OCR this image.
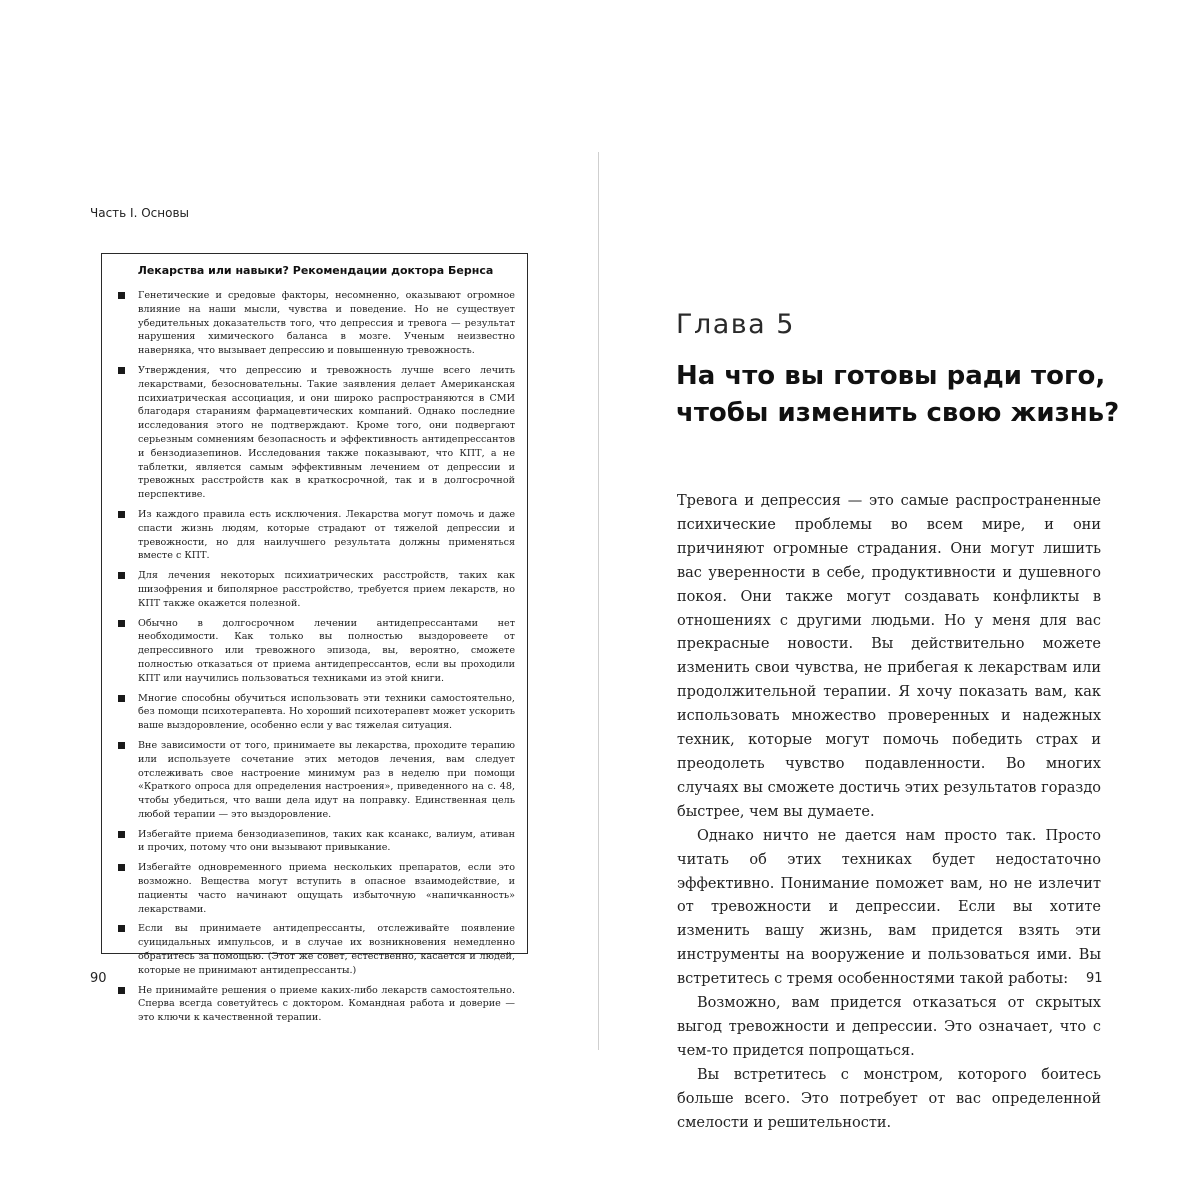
Часть I. Основы
Лекарства или навыки? Рекомендации доктора Бернса
Генетические и средовые факторы, несомненно, оказывают огромное влияние на наши мысли, чувства и поведение. Но не существует убедительных доказательств того, что депрессия и тревога — результат нарушения химического баланса в мозге. Ученым неизвестно наверняка, что вызывает депрессию и повышенную тревожность.
Утверждения, что депрессию и тревожность лучше всего лечить лекарствами, безосновательны. Такие заявления делает Американская психиатрическая ассоциация, и они широко распространяются в СМИ благодаря стараниям фармацевтических компаний. Однако последние исследования этого не подтверждают. Кроме того, они подвергают серьезным сомнениям безопасность и эффективность антидепрессантов и бензодиазепинов. Исследования также показывают, что КПТ, а не таблетки, является самым эффективным лечением от депрессии и тревожных расстройств как в краткосрочной, так и в долгосрочной перспективе.
Из каждого правила есть исключения. Лекарства могут помочь и даже спасти жизнь людям, которые страдают от тяжелой депрессии и тревожности, но для наилучшего результата должны применяться вместе с КПТ.
Для лечения некоторых психиатрических расстройств, таких как шизофрения и биполярное расстройство, требуется прием лекарств, но КПТ также окажется полезной.
Обычно в долгосрочном лечении антидепрессантами нет необходимости. Как только вы полностью выздоровеете от депрессивного или тревожного эпизода, вы, вероятно, сможете полностью отказаться от приема антидепрессантов, если вы проходили КПТ или научились пользоваться техниками из этой книги.
Многие способны обучиться использовать эти техники самостоятельно, без помощи психотерапевта. Но хороший психотерапевт может ускорить ваше выздоровление, особенно если у вас тяжелая ситуация.
Вне зависимости от того, принимаете вы лекарства, проходите терапию или используете сочетание этих методов лечения, вам следует отслеживать свое настроение минимум раз в неделю при помощи «Краткого опроса для определения настроения», приведенного на с. 48, чтобы убедиться, что ваши дела идут на поправку. Единственная цель любой терапии — это выздоровление.
Избегайте приема бензодиазепинов, таких как ксанакс, валиум, ативан и прочих, потому что они вызывают привыкание.
Избегайте одновременного приема нескольких препаратов, если это возможно. Вещества могут вступить в опасное взаимодействие, и пациенты часто начинают ощущать избыточную «напичканность» лекарствами.
Если вы принимаете антидепрессанты, отслеживайте появление суицидальных импульсов, и в случае их возникновения немедленно обратитесь за помощью. (Этот же совет, естественно, касается и людей, которые не принимают антидепрессанты.)
Не принимайте решения о приеме каких-либо лекарств самостоятельно. Сперва всегда советуйтесь с доктором. Командная работа и доверие — это ключи к качественной терапии.
90
Глава 5
На что вы готовы ради того,
чтобы изменить свою жизнь?

Тревога и депрессия — это самые распространенные психические проблемы во всем мире, и они причиняют огромные страдания. Они могут лишить вас уверенности в себе, продуктивности и душевного покоя. Они также могут создавать конфликты в отношениях с другими людьми. Но у меня для вас прекрасные новости. Вы действительно можете изменить свои чувства, не прибегая к лекарствам или продолжительной терапии. Я хочу показать вам, как использовать множество проверенных и надежных техник, которые могут помочь победить страх и преодолеть чувство подавленности. Во многих случаях вы сможете достичь этих результатов гораздо быстрее, чем вы думаете.

Однако ничто не дается нам просто так. Просто читать об этих техниках будет недостаточно эффективно. Понимание поможет вам, но не излечит от тревожности и депрессии. Если вы хотите изменить вашу жизнь, вам придется взять эти инструменты на вооружение и пользоваться ими. Вы встретитесь с тремя особенностями такой работы:

Возможно, вам придется отказаться от скрытых выгод тревожности и депрессии. Это означает, что с чем-то придется попрощаться.

Вы встретитесь с монстром, которого боитесь больше всего. Это потребует от вас определенной смелости и решительности.

91
